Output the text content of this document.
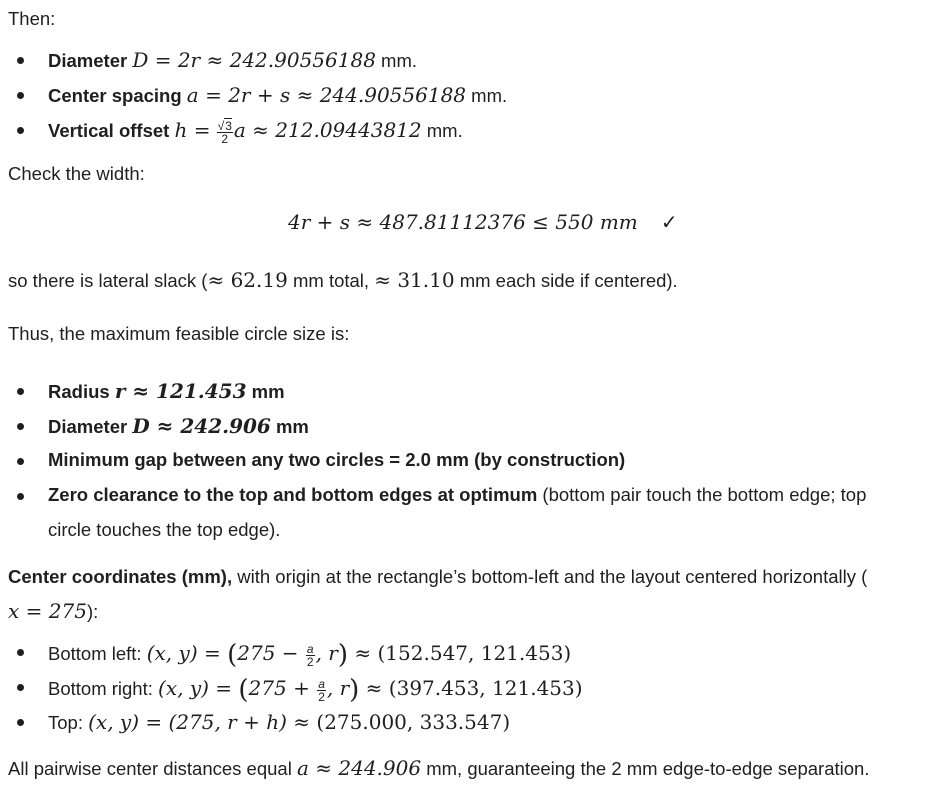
Then:
Diameter D = 2r ≈ 242.90556188 mm.
Center spacing a = 2r + s ≈ 244.90556188 mm.
Vertical offset $h = \frac{√3}{2}$ a ≈ 212.09443812 mm.
Check the width:
4r + s ≈ 487.81112376 ≤ 550 mm ✓
so there is lateral slack (≈ 62.19 mm total, ≈ 31.10 mm each side if centered).
Thus, the maximum feasible circle size is:
Radius r ≈ 121.453 mm
Diameter D ≈ 242.906 mm
Minimum gap between any two circles = 2.0 mm (by construction)
Zero clearance to the top and bottom edges at optimum (bottom pair touch the bottom edge; top
circle touches the top edge).
Center coordinates (mm), with origin at the rectangle’s bottom-left and the layout centered horizontally (
x = 275):
Bottom left: (x, $y) = (275 - \frac{a}{2}$ , r) ≈ (152.547, 121.453)
Bottom right: (x, $y) = (275 + \frac{a}{2}$ , r) ≈ (397.453, 121.453)
Top: (x, y) = (275, r + h) ≈ (275.000, 333.547)
All pairwise center distances equal a ≈ 244.906 mm, guaranteeing the 2 mm edge-to-edge separation.
